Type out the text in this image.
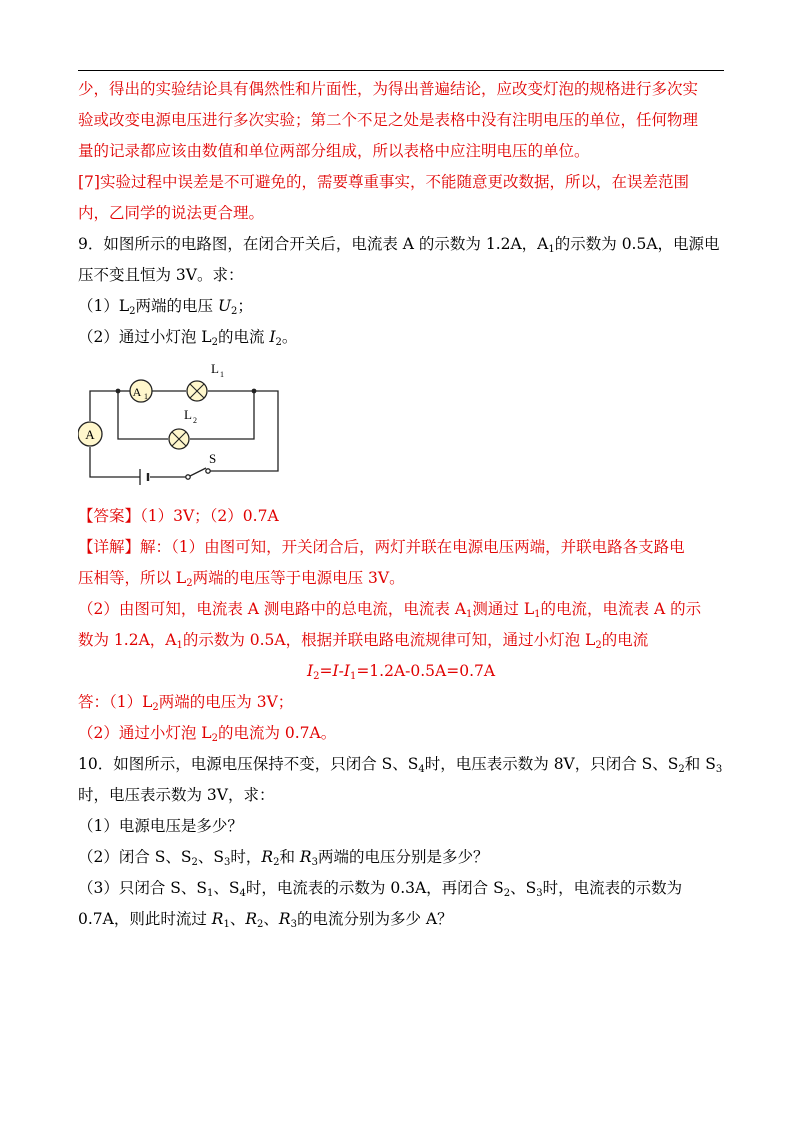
少，得出的实验结论具有偶然性和片面性，为得出普遍结论，应改变灯泡的规格进行多次实
验或改变电源电压进行多次实验；第二个不足之处是表格中没有注明电压的单位，任何物理
量的记录都应该由数值和单位两部分组成，所以表格中应注明电压的单位。
[7]实验过程中误差是不可避免的，需要尊重事实，不能随意更改数据，所以，在误差范围
内，乙同学的说法更合理。
9．如图所示的电路图，在闭合开关后，电流表 A 的示数为 1.2A，$A_1$的示数为 0.5A，电源电
压不变且恒为 3V。求：
$(1)L_2$两端的电压 $U_2$；
（2）通过小灯泡 $L_2$的电流 $I_2$。
A
A 1
L 1
L 2
S
【答案】（1）3V；（2）0.7A
【详解】解：（1）由图可知，开关闭合后，两灯并联在电源电压两端，并联电路各支路电
压相等，所以 $L_2$两端的电压等于电源电压 3V。
（2）由图可知，电流表 A 测电路中的总电流，电流表 $A_1$测通过 $L_1$的电流，电流表 A 的示
数为 1.2A，$A_1$的示数为 0.5A，根据并联电路电流规律可知，通过小灯泡 $L_2$的电流
$I_2=I-I_1=1.2A-0.5A=0.7A$
答：$(1)L_2$两端的电压为 3V；
（2）通过小灯泡 $L_2$的电流为 0.7A。
10．如图所示，电源电压保持不变，只闭合 S、$S_4$时，电压表示数为 8V，只闭合 S、$S_2$和 $S_3$
时，电压表示数为 3V，求：
（1）电源电压是多少？
（2）闭合 S、$S_2$、$S_3$时，$R_2$和 $R_3$两端的电压分别是多少？
（3）只闭合 S、$S_1$、$S_4$时，电流表的示数为 0.3A，再闭合 $S_2$、$S_3$时，电流表的示数为
0.7A，则此时流过 $R_1$、$R_2$、$R_3$的电流分别为多少 A？
